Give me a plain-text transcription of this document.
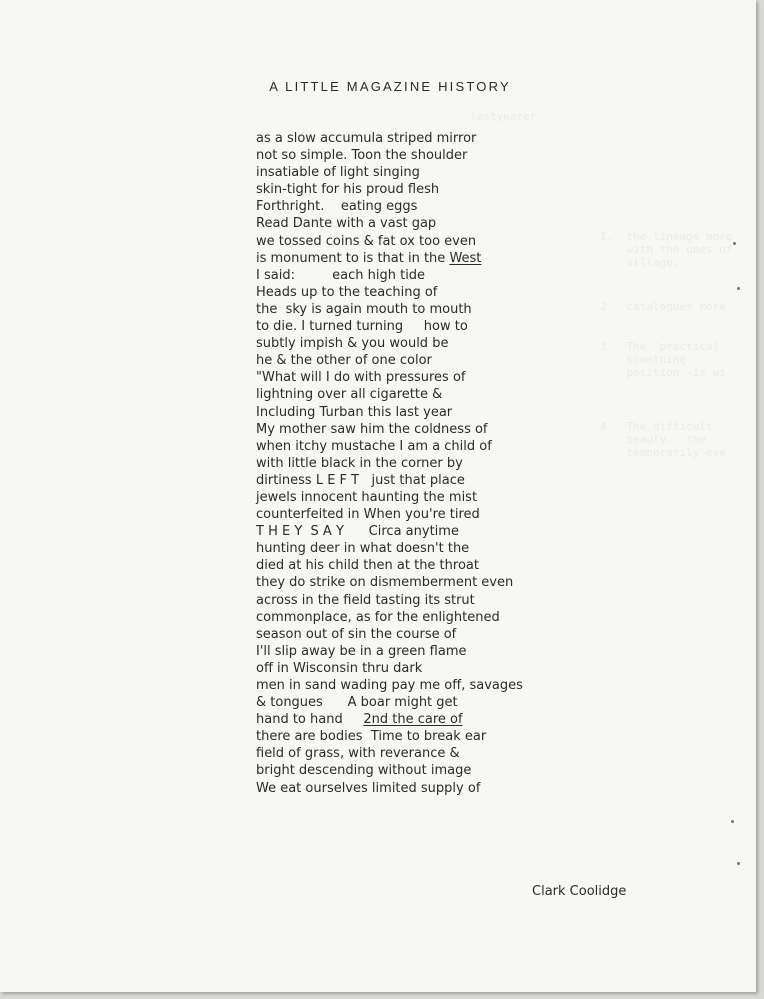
lastyearer
1.  the lineage more
with the ones of
village.
2.  catalogues more
3.  The 'practical
something
position--is wi
4.  The difficult
beauty.  the
temporarily eve
A LITTLE MAGAZINE HISTORY
as a slow accumula striped mirror
not so simple. Toon the shoulder
insatiable of light singing
skin-tight for his proud flesh
Forthright.    eating eggs
Read Dante with a vast gap
we tossed coins & fat ox too even
is monument to is that in the West
I said:         each high tide
Heads up to the teaching of
the  sky is again mouth to mouth
to die. I turned turning     how to
subtly impish & you would be
he & the other of one color
"What will I do with pressures of
lightning over all cigarette &
Including Turban this last year
My mother saw him the coldness of
when itchy mustache I am a child of
with little black in the corner by
dirtiness L E F T   just that place
jewels innocent haunting the mist
counterfeited in When you're tired
T H E Y  S A Y      Circa anytime
hunting deer in what doesn't the
died at his child then at the throat
they do strike on dismemberment even
across in the field tasting its strut
commonplace, as for the enlightened
season out of sin the course of
I'll slip away be in a green flame
off in Wisconsin thru dark
men in sand wading pay me off, savages
& tongues      A boar might get
hand to hand     2nd the care of
there are bodies  Time to break ear
field of grass, with reverance &
bright descending without image
We eat ourselves limited supply of
Clark Coolidge
